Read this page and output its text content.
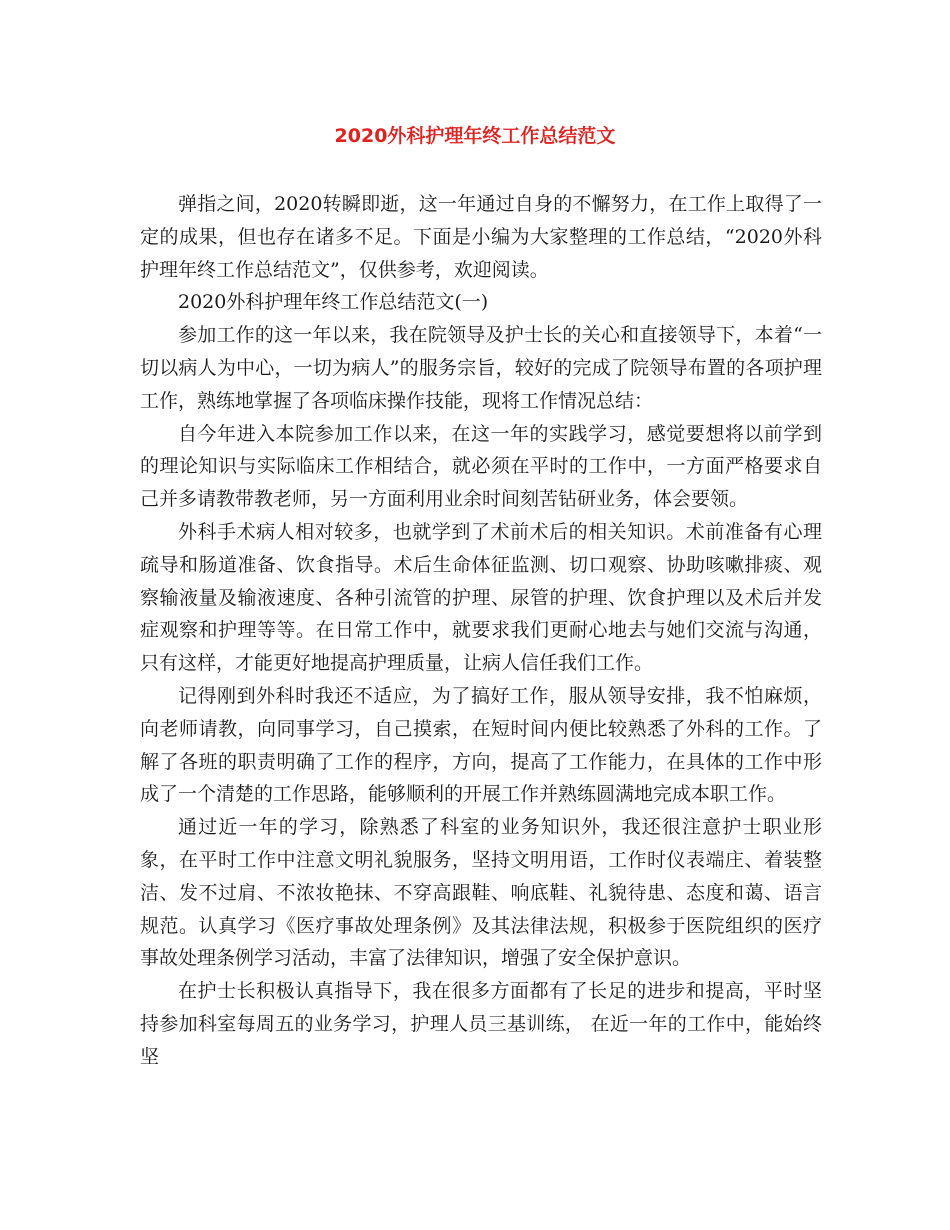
2020外科护理年终工作总结范文

弹指之间，2020转瞬即逝，这一年通过自身的不懈努力，在工作上取得了一定的成果，但也存在诸多不足。下面是小编为大家整理的工作总结，“2020外科护理年终工作总结范文”，仅供参考，欢迎阅读。

2020外科护理年终工作总结范文(一)

参加工作的这一年以来，我在院领导及护士长的关心和直接领导下，本着“一切以病人为中心，一切为病人”的服务宗旨，较好的完成了院领导布置的各项护理工作，熟练地掌握了各项临床操作技能，现将工作情况总结：

自今年进入本院参加工作以来，在这一年的实践学习，感觉要想将以前学到的理论知识与实际临床工作相结合，就必须在平时的工作中，一方面严格要求自己并多请教带教老师，另一方面利用业余时间刻苦钻研业务，体会要领。

外科手术病人相对较多，也就学到了术前术后的相关知识。术前准备有心理疏导和肠道准备、饮食指导。术后生命体征监测、切口观察、协助咳嗽排痰、观察输液量及输液速度、各种引流管的护理、尿管的护理、饮食护理以及术后并发症观察和护理等等。在日常工作中，就要求我们更耐心地去与她们交流与沟通，只有这样，才能更好地提高护理质量，让病人信任我们工作。

记得刚到外科时我还不适应，为了搞好工作，服从领导安排，我不怕麻烦，向老师请教，向同事学习，自己摸索，在短时间内便比较熟悉了外科的工作。了解了各班的职责明确了工作的程序，方向，提高了工作能力，在具体的工作中形成了一个清楚的工作思路，能够顺利的开展工作并熟练圆满地完成本职工作。

通过近一年的学习，除熟悉了科室的业务知识外，我还很注意护士职业形象，在平时工作中注意文明礼貌服务，坚持文明用语，工作时仪表端庄、着装整洁、发不过肩、不浓妆艳抹、不穿高跟鞋、响底鞋、礼貌待患、态度和蔼、语言规范。认真学习《医疗事故处理条例》及其法律法规，积极参于医院组织的医疗事故处理条例学习活动，丰富了法律知识，增强了安全保护意识。

在护士长积极认真指导下，我在很多方面都有了长足的进步和提高，平时坚持参加科室每周五的业务学习，护理人员三基训练， 在近一年的工作中，能始终坚
